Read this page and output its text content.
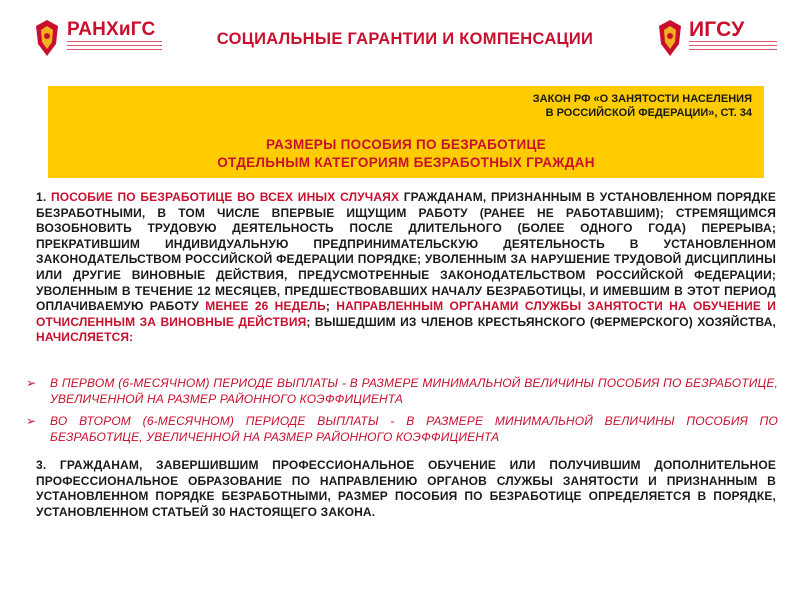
РАНХиГС	СОЦИАЛЬНЫЕ ГАРАНТИИ И КОМПЕНСАЦИИ	ИГСУ
ЗАКОН РФ «О ЗАНЯТОСТИ НАСЕЛЕНИЯ
В РОССИЙСКОЙ ФЕДЕРАЦИИ», СТ. 34
РАЗМЕРЫ ПОСОБИЯ ПО БЕЗРАБОТИЦЕ
ОТДЕЛЬНЫМ КАТЕГОРИЯМ БЕЗРАБОТНЫХ ГРАЖДАН
1. ПОСОБИЕ ПО БЕЗРАБОТИЦЕ ВО ВСЕХ ИНЫХ СЛУЧАЯХ ГРАЖДАНАМ, ПРИЗНАННЫМ В УСТАНОВЛЕННОМ ПОРЯДКЕ БЕЗРАБОТНЫМИ, В ТОМ ЧИСЛЕ ВПЕРВЫЕ ИЩУЩИМ РАБОТУ (РАНЕЕ НЕ РАБОТАВШИМ); СТРЕМЯЩИМСЯ ВОЗОБНОВИТЬ ТРУДОВУЮ ДЕЯТЕЛЬНОСТЬ ПОСЛЕ ДЛИТЕЛЬНОГО (БОЛЕЕ ОДНОГО ГОДА) ПЕРЕРЫВА; ПРЕКРАТИВШИМ ИНДИВИДУАЛЬНУЮ ПРЕДПРИНИМАТЕЛЬСКУЮ ДЕЯТЕЛЬНОСТЬ В УСТАНОВЛЕННОМ ЗАКОНОДАТЕЛЬСТВОМ РОССИЙСКОЙ ФЕДЕРАЦИИ ПОРЯДКЕ; УВОЛЕННЫМ ЗА НАРУШЕНИЕ ТРУДОВОЙ ДИСЦИПЛИНЫ ИЛИ ДРУГИЕ ВИНОВНЫЕ ДЕЙСТВИЯ, ПРЕДУСМОТРЕННЫЕ ЗАКОНОДАТЕЛЬСТВОМ РОССИЙСКОЙ ФЕДЕРАЦИИ; УВОЛЕННЫМ В ТЕЧЕНИЕ 12 МЕСЯЦЕВ, ПРЕДШЕСТВОВАВШИХ НАЧАЛУ БЕЗРАБОТИЦЫ, И ИМЕВШИМ В ЭТОТ ПЕРИОД ОПЛАЧИВАЕМУЮ РАБОТУ МЕНЕЕ 26 НЕДЕЛЬ; НАПРАВЛЕННЫМ ОРГАНАМИ СЛУЖБЫ ЗАНЯТОСТИ НА ОБУЧЕНИЕ И ОТЧИСЛЕННЫМ ЗА ВИНОВНЫЕ ДЕЙСТВИЯ; ВЫШЕДШИМ ИЗ ЧЛЕНОВ КРЕСТЬЯНСКОГО (ФЕРМЕРСКОГО) ХОЗЯЙСТВА, НАЧИСЛЯЕТСЯ:
➢ В ПЕРВОМ (6-МЕСЯЧНОМ) ПЕРИОДЕ ВЫПЛАТЫ - В РАЗМЕРЕ МИНИМАЛЬНОЙ ВЕЛИЧИНЫ ПОСОБИЯ ПО БЕЗРАБОТИЦЕ, УВЕЛИЧЕННОЙ НА РАЗМЕР РАЙОННОГО КОЭФФИЦИЕНТА
➢ ВО ВТОРОМ (6-МЕСЯЧНОМ) ПЕРИОДЕ ВЫПЛАТЫ - В РАЗМЕРЕ МИНИМАЛЬНОЙ ВЕЛИЧИНЫ ПОСОБИЯ ПО БЕЗРАБОТИЦЕ, УВЕЛИЧЕННОЙ НА РАЗМЕР РАЙОННОГО КОЭФФИЦИЕНТА
3. ГРАЖДАНАМ, ЗАВЕРШИВШИМ ПРОФЕССИОНАЛЬНОЕ ОБУЧЕНИЕ ИЛИ ПОЛУЧИВШИМ ДОПОЛНИТЕЛЬНОЕ ПРОФЕССИОНАЛЬНОЕ ОБРАЗОВАНИЕ ПО НАПРАВЛЕНИЮ ОРГАНОВ СЛУЖБЫ ЗАНЯТОСТИ И ПРИЗНАННЫМ В УСТАНОВЛЕННОМ ПОРЯДКЕ БЕЗРАБОТНЫМИ, РАЗМЕР ПОСОБИЯ ПО БЕЗРАБОТИЦЕ ОПРЕДЕЛЯЕТСЯ В ПОРЯДКЕ, УСТАНОВЛЕННОМ СТАТЬЕЙ 30 НАСТОЯЩЕГО ЗАКОНА.
